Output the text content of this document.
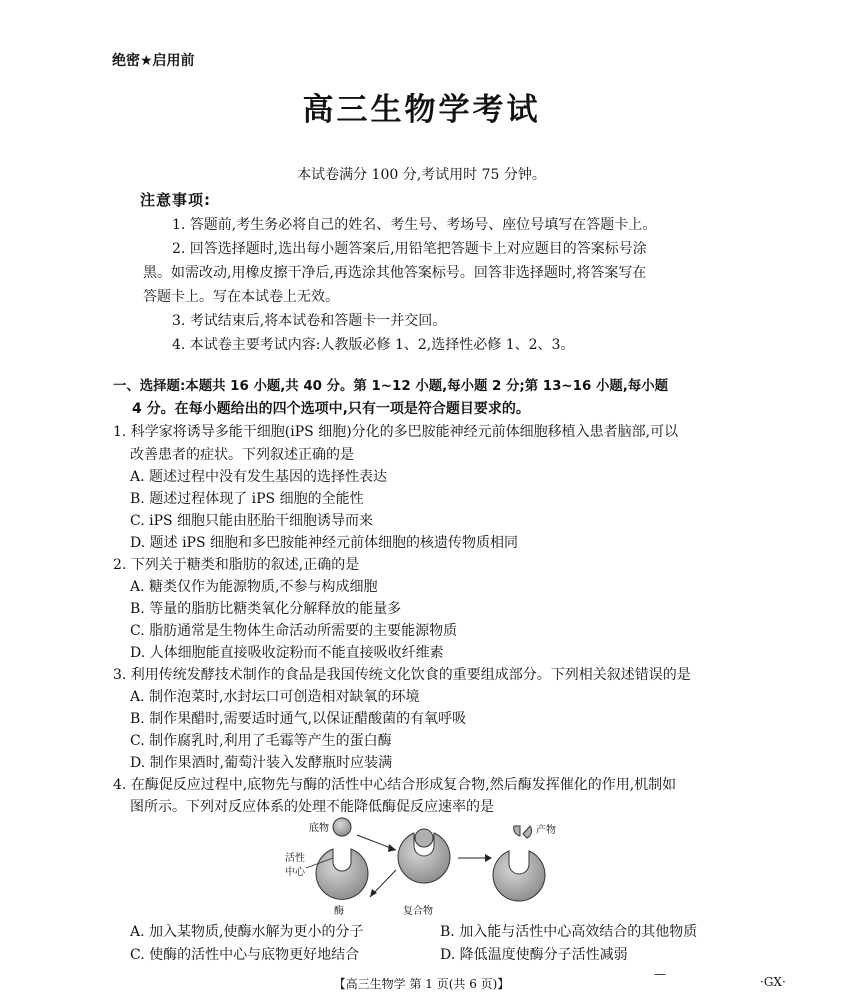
绝密★启用前
高三生物学考试
本试卷满分 100 分,考试用时 75 分钟。
注意事项:
1. 答题前,考生务必将自己的姓名、考生号、考场号、座位号填写在答题卡上。
2. 回答选择题时,选出每小题答案后,用铅笔把答题卡上对应题目的答案标号涂
黑。如需改动,用橡皮擦干净后,再选涂其他答案标号。回答非选择题时,将答案写在
答题卡上。写在本试卷上无效。
3. 考试结束后,将本试卷和答题卡一并交回。
4. 本试卷主要考试内容:人教版必修 1、2,选择性必修 1、2、3。
一、选择题:本题共 16 小题,共 40 分。第 1~12 小题,每小题 2 分;第 13~16 小题,每小题
4 分。在每小题给出的四个选项中,只有一项是符合题目要求的。
1. 科学家将诱导多能干细胞(iPS 细胞)分化的多巴胺能神经元前体细胞移植入患者脑部,可以
改善患者的症状。下列叙述正确的是
A. 题述过程中没有发生基因的选择性表达
B. 题述过程体现了 iPS 细胞的全能性
C. iPS 细胞只能由胚胎干细胞诱导而来
D. 题述 iPS 细胞和多巴胺能神经元前体细胞的核遗传物质相同
2. 下列关于糖类和脂肪的叙述,正确的是
A. 糖类仅作为能源物质,不参与构成细胞
B. 等量的脂肪比糖类氧化分解释放的能量多
C. 脂肪通常是生物体生命活动所需要的主要能源物质
D. 人体细胞能直接吸收淀粉而不能直接吸收纤维素
3. 利用传统发酵技术制作的食品是我国传统文化饮食的重要组成部分。下列相关叙述错误的是
A. 制作泡菜时,水封坛口可创造相对缺氧的环境
B. 制作果醋时,需要适时通气,以保证醋酸菌的有氧呼吸
C. 制作腐乳时,利用了毛霉等产生的蛋白酶
D. 制作果酒时,葡萄汁装入发酵瓶时应装满
4. 在酶促反应过程中,底物先与酶的活性中心结合形成复合物,然后酶发挥催化的作用,机制如
图所示。下列对反应体系的处理不能降低酶促反应速率的是
底物
活性
中心
酶	复合物
产物
A. 加入某物质,使酶水解为更小的分子	B. 加入能与活性中心高效结合的其他物质
C. 使酶的活性中心与底物更好地结合	D. 降低温度使酶分子活性减弱
【高三生物学 第 1 页(共 6 页)】
—
·GX·
